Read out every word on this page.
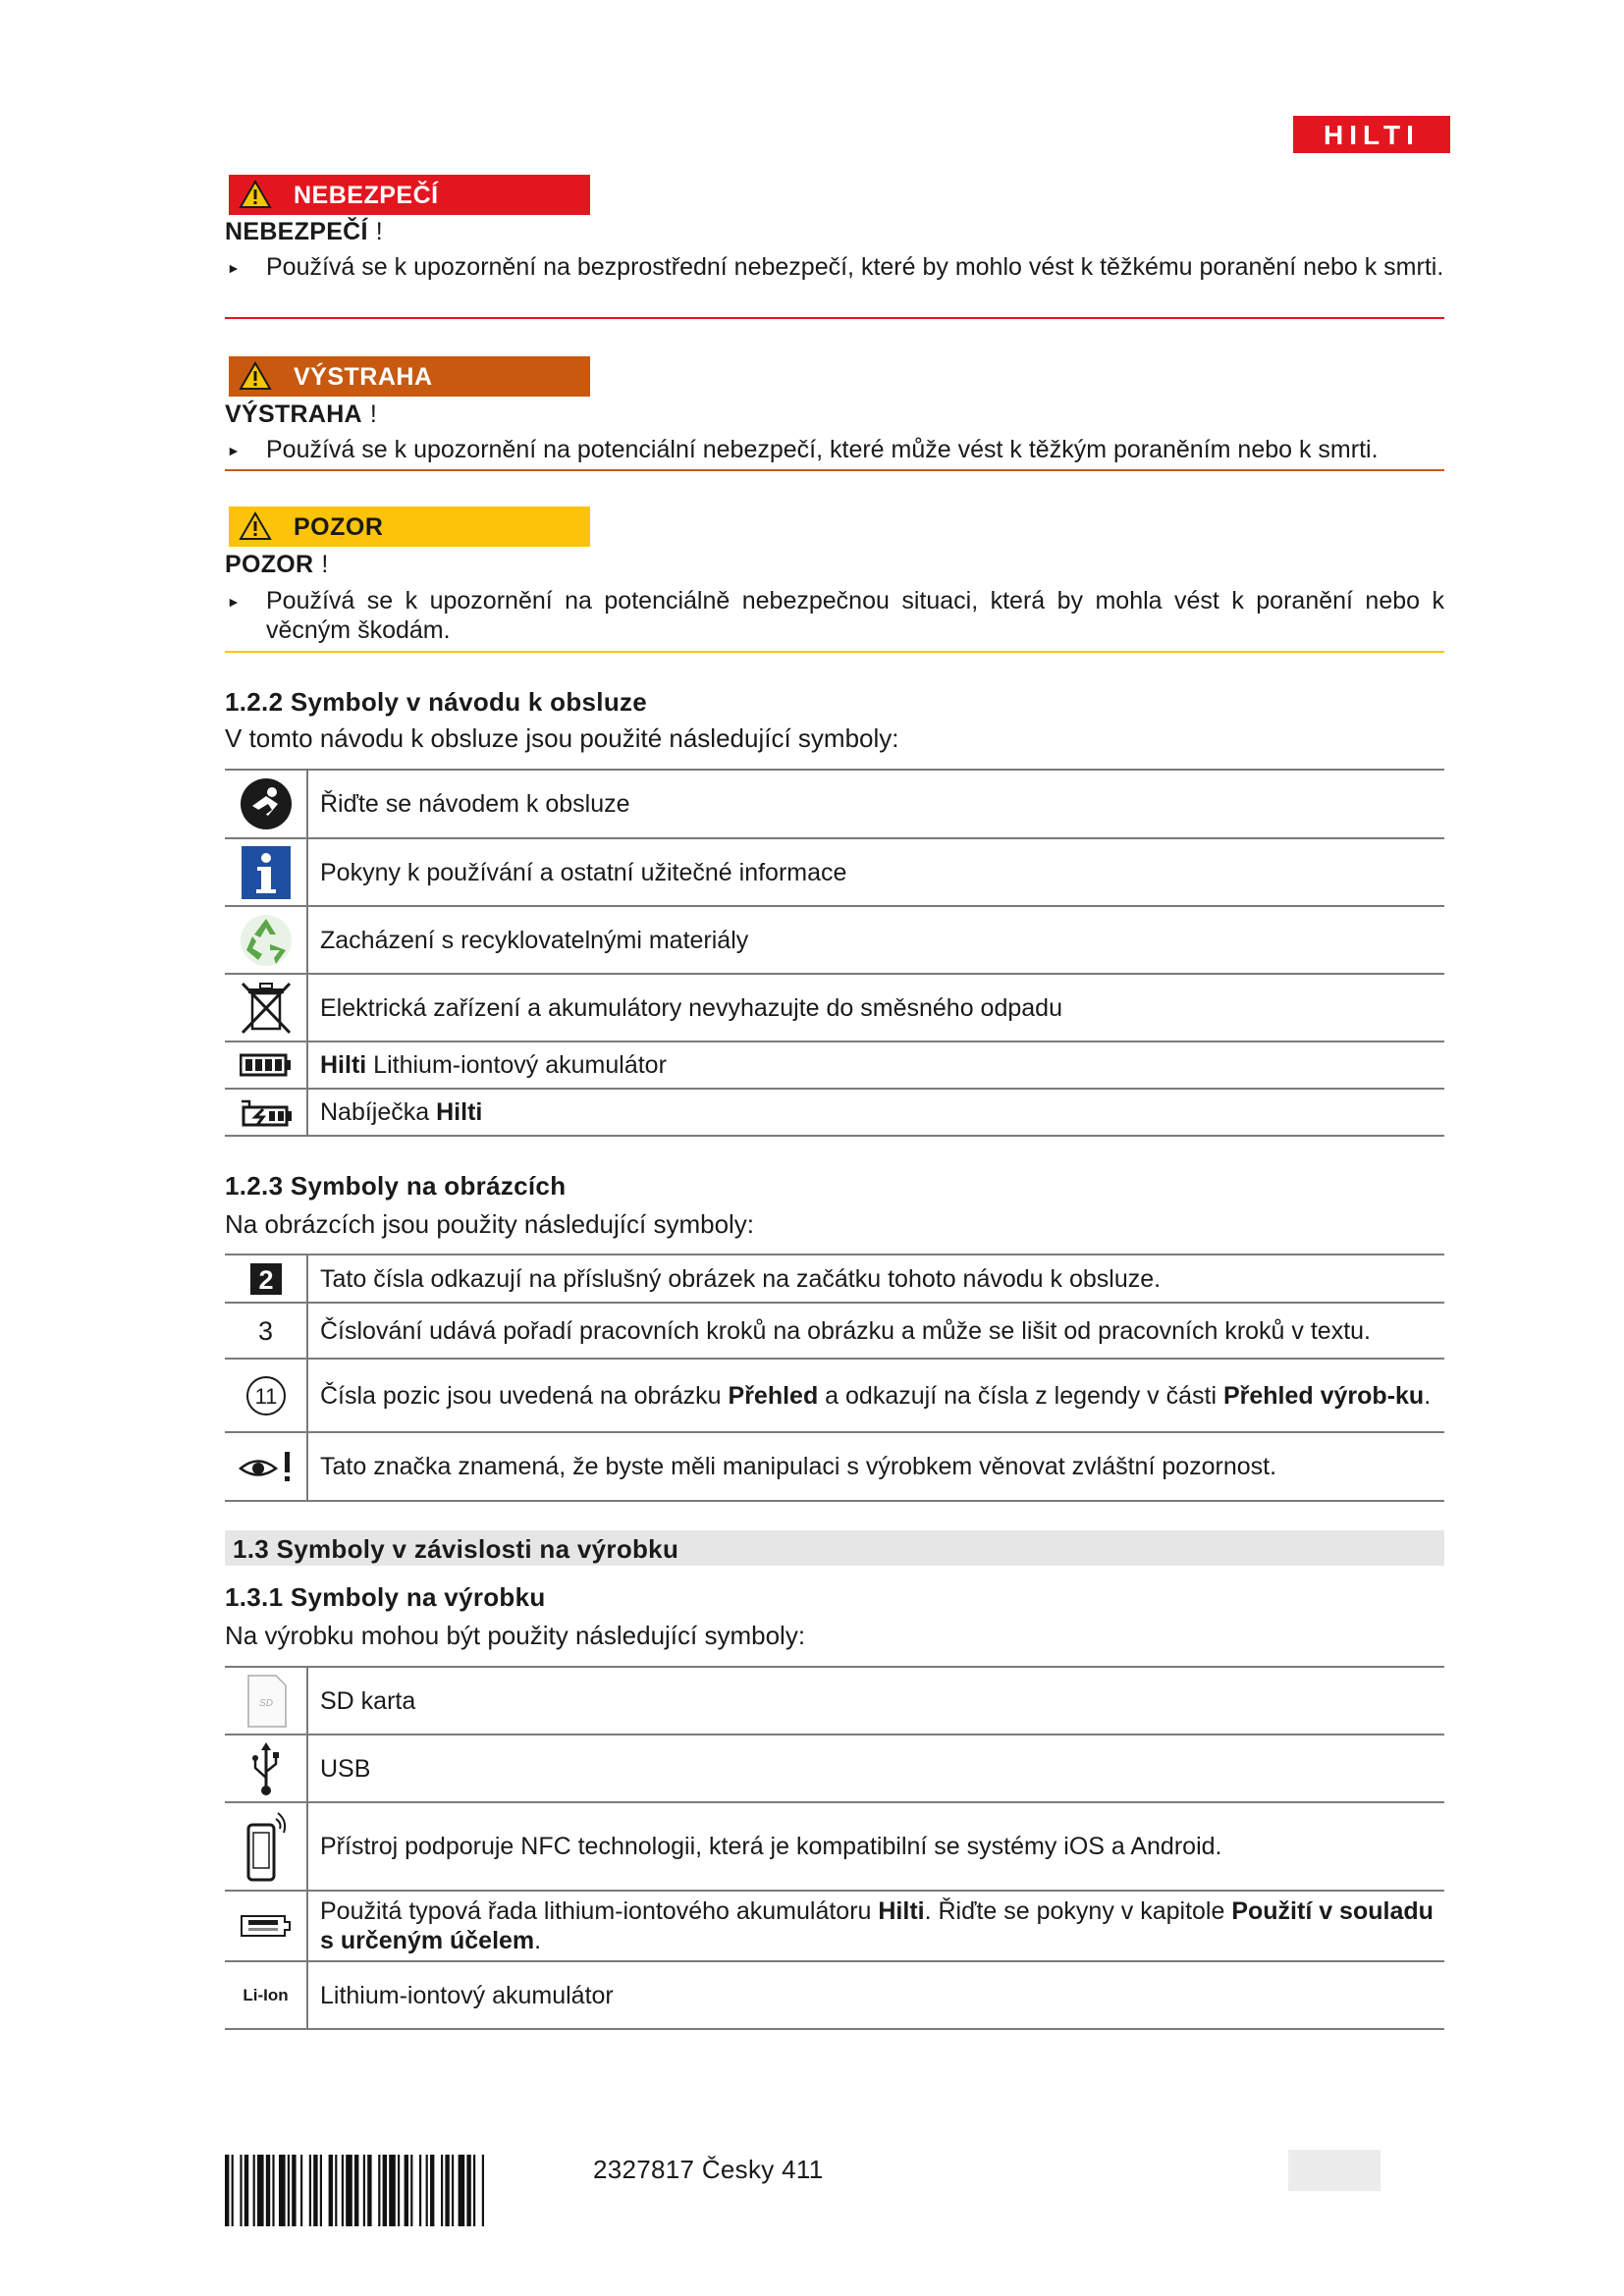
HILTI
NEBEZPEČÍ
NEBEZPEČÍ !
► Používá se k upozornění na bezprostřední nebezpečí, které by mohlo vést k těžkému poranění nebo k smrti.
VÝSTRAHA
VÝSTRAHA !
► Používá se k upozornění na potenciální nebezpečí, které může vést k těžkým poraněním nebo k smrti.
POZOR
POZOR !
► Používá se k upozornění na potenciálně nebezpečnou situaci, která by mohla vést k poranění nebo k věcným škodám.
1.2.2 Symboly v návodu k obsluze
V tomto návodu k obsluze jsou použité následující symboly:
	Řiďte se návodem k obsluze

	Pokyny k používání a ostatní užitečné informace

	Zacházení s recyklovatelnými materiály

	Elektrická zařízení a akumulátory nevyhazujte do směsného odpadu

	Hilti Lithium-iontový akumulátor

	Nabíječka Hilti
1.2.3 Symboly na obrázcích
Na obrázcích jsou použity následující symboly:
2	Tato čísla odkazují na příslušný obrázek na začátku tohoto návodu k obsluze.
3	Číslování udává pořadí pracovních kroků na obrázku a může se lišit od pracovních kroků v textu.

11	Čísla pozic jsou uvedená na obrázku Přehled a odkazují na čísla z legendy v části Přehled výrob-ku.

	Tato značka znamená, že byste měli manipulaci s výrobkem věnovat zvláštní pozornost.
1.3 Symboly v závislosti na výrobku
1.3.1 Symboly na výrobku
Na výrobku mohou být použity následující symboly:
SD	SD karta

	USB

	Přístroj podporuje NFC technologii, která je kompatibilní se systémy iOS a Android.

	Použitá typová řada lithium-iontového akumulátoru Hilti. Řiďte se pokyny v kapitole Použití v souladu s určeným účelem.
Li-Ion	Lithium-iontový akumulátor
2327817 Česky 411
